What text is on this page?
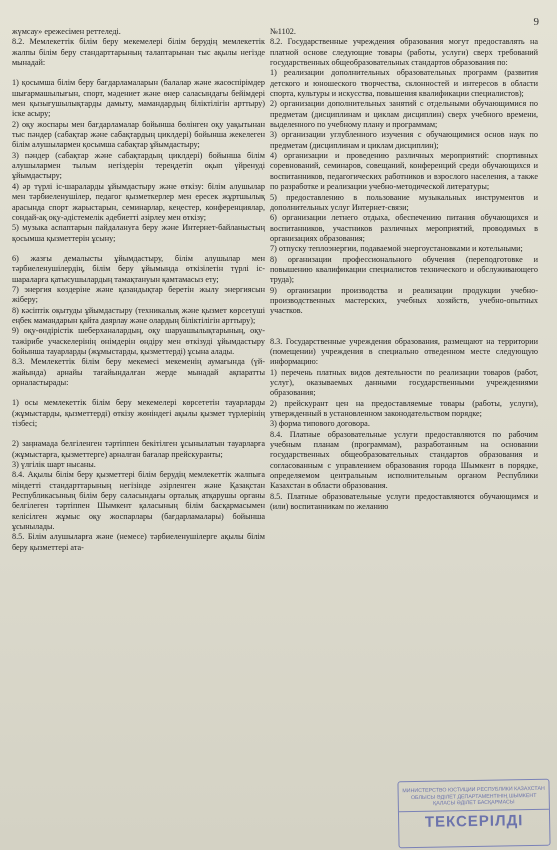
9

жүмсау» ережесімен реттеледі.

8.2. Мемлекеттік білім беру мекемелері білім берудің мемлекеттік жалпы білім беру стандарттарының талаптарынан тыс ақылы негізде мынадай:

1) қосымша білім беру бағдарламаларын (балалар және жасөспірімдер шығармашылығын, спорт, мәдениет және өнер саласындағы бейімдері мен қызығушылықтарды дамыту, мамандардың біліктілігін арттыру) іске асыру;

2) оқу жоспары мен бағдарламалар бойынша бөлінген оқу уақытынан тыс пәндер (сабақтар және сабақтардың циклдері) бойынша жекелеген білім алушылармен қосымша сабақтар ұйымдастыру;

3) пәндер (сабақтар және сабақтардың циклдері) бойынша білім алушылармен тылым негіздерін тереңдетіп оқып үйренуді ұйымдастыру;

4) әр түрлі іс-шараларды ұйымдастыру және өткізу: білім алушылар мен тәрбиеленушілер, педагог қызметкерлер мен ересек жұртшылық арасында спорт жарыстарын, семинарлар, кеңестер, конференциялар, сондай-ақ оқу-әдістемелік әдебиетті әзірлеу мен өткізу;

5) музыка аспаптарын пайдалануға беру және Интернет-байланыстың қосымша қызметтерін ұсыну;

6) жазғы демалысты ұйымдастыру, білім алушылар мен тәрбиеленушілердің, білім беру ұйымында өткізілетін түрлі іс-шараларға қатысушылардың тамақтануын қамтамасыз ету;

7) энергия көздеріне және қазандықтар беретін жылу энергиясын жіберу;

8) кәсіптік оқытуды ұйымдастыру (техникалық және қызмет көрсетуші еңбек мамандарын қайта даярлау және олардың біліктілігін арттыру);

9) оқу-өндірістік шеберханалардың, оқу шаруашылықтарының, оқу-тәжірибе учаскелерінің өнімдерін өндіру мен өткізуді ұйымдастыру бойынша тауарларды (жұмыстарды, қызметтерді) ұсына алады.

8.3. Мемлекеттік білім беру мекемесі мекеменің аумағында (үй-жайында) арнайы тағайындалған жерде мынадай ақпаратты орналастырады:

1) осы мемлекеттік білім беру мекемелері көрсететін тауарларды (жұмыстарды, қызметтерді) өткізу жөніндегі ақылы қызмет түрлерінің тізбесі;

2) заңнамада белгіленген тәртіппен бекітілген ұсынылатын тауарларға (жұмыстарға, қызметтерге) арналған бағалар прейскуранты;

3) үлгілік шарт нысаны.

8.4. Ақылы білім беру қызметтері білім берудің мемлекеттік жалпыға міндетті стандарттарының негізінде әзірленген және Қазақстан Республикасының білім беру саласындағы орталық атқарушы органы белгілеген тәртіппен Шымкент қаласының білім басқармасымен келісілген жұмыс оқу жоспарлары (бағдарламалары) бойынша ұсынылады.

8.5. Білім алушыларға және (немесе) тәрбиеленушілерге ақылы білім беру қызметтері ата-

№1102.

8.2. Государственные учреждения образования могут предоставлять на платной основе следующие товары (работы, услуги) сверх требований государственных общеобразовательных стандартов образования по:

1) реализации дополнительных образовательных программ (развития детского и юношеского творчества, склонностей и интересов в области спорта, культуры и искусства, повышения квалификации специалистов);

2) организации дополнительных занятий с отдельными обучающимися по предметам (дисциплинам и циклам дисциплин) сверх учебного времени, выделенного по учебному плану и программам;

3) организации углубленного изучения с обучающимися основ наук по предметам (дисциплинам и циклам дисциплин);

4) организации и проведению различных мероприятий: спортивных соревнований, семинаров, совещаний, конференций среди обучающихся и воспитанников, педагогических работников и взрослого населения, а также по разработке и реализации учебно-методической литературы;

5) предоставлению в пользование музыкальных инструментов и дополнительных услуг Интернет-связи;

6) организации летнего отдыха, обеспечению питания обучающихся и воспитанников, участников различных мероприятий, проводимых в организациях образования;

7) отпуску теплоэнергии, подаваемой энергоустановками и котельными;

8) организации профессионального обучения (переподготовке и повышению квалификации специалистов технического и обслуживающего труда);

9) организации производства и реализации продукции учебно-производственных мастерских, учебных хозяйств, учебно-опытных участков.

8.3. Государственные учреждения образования, размещают на территории (помещении) учреждения в специально отведенном месте следующую информацию:

1) перечень платных видов деятельности по реализации товаров (работ, услуг), оказываемых данными государственными учреждениями образования;

2) прейскурант цен на предоставляемые товары (работы, услуги), утвержденный в установленном законодательством порядке;

3) форма типового договора.

8.4. Платные образовательные услуги предоставляются по рабочим учебным планам (программам), разработанным на основании государственных общеобразовательных стандартов образования и согласованным с управлением образования города Шымкент в порядке, определяемом центральным исполнительным органом Республики Казахстан в области образования.

8.5. Платные образовательные услуги предоставляются обучающимся и (или) воспитанникам по желанию

МИНИСТЕРСТВО ЮСТИЦИИ РЕСПУБЛИКИ КАЗАХСТАН ОБЛЫСЫ ӘДІЛЕТ ДЕПАРТАМЕНТІНІҢ ШЫМКЕНТ ҚАЛАСЫ ӘДІЛЕТ БАСҚАРМАСЫ
ТЕКСЕРІЛДІ
